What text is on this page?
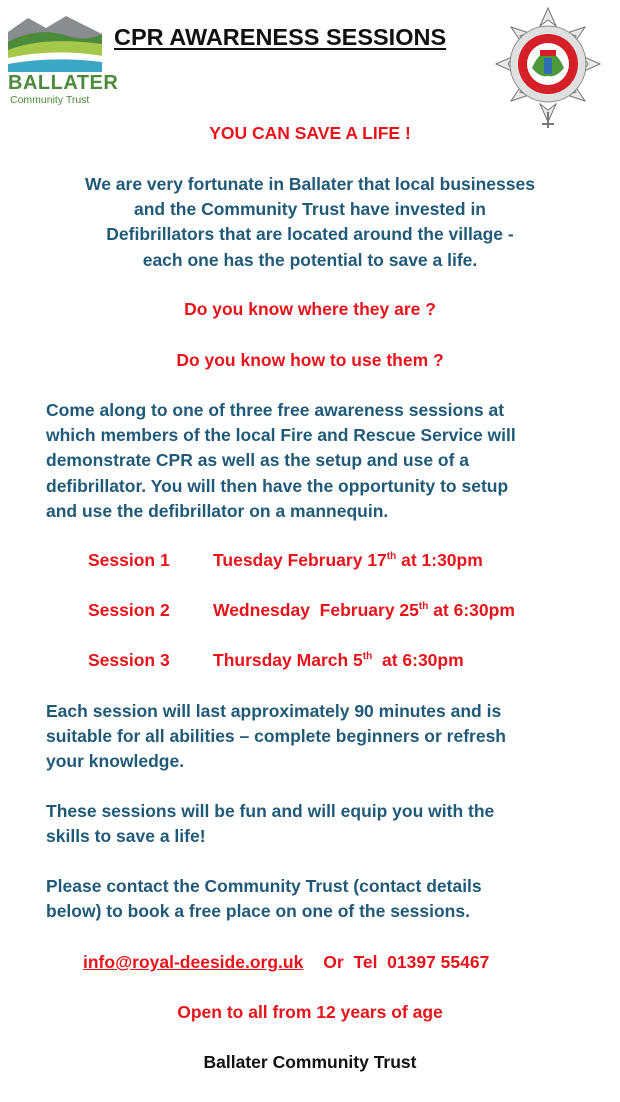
BALLATER
Community Trust
CPR AWARENESS SESSIONS
YOU CAN SAVE A LIFE !
We are very fortunate in Ballater that local businesses
and the Community Trust have invested in
Defibrillators that are located around the village -
each one has the potential to save a life.
Do you know where they are ?
Do you know how to use them ?
Come along to one of three free awareness sessions at
which members of the local Fire and Rescue Service will
demonstrate CPR as well as the setup and use of a
defibrillator. You will then have the opportunity to setup
and use the defibrillator on a mannequin.
Session 1 Tuesday February 17th at 1:30pm
Session 2 Wednesday  February 25th at 6:30pm
Session 3 Thursday March 5th  at 6:30pm
Each session will last approximately 90 minutes and is
suitable for all abilities – complete beginners or refresh
your knowledge.
These sessions will be fun and will equip you with the
skills to save a life!
Please contact the Community Trust (contact details
below) to book a free place on one of the sessions.
info@royal-deeside.org.uk Or  Tel  01397 55467
Open to all from 12 years of age
Ballater Community Trust
